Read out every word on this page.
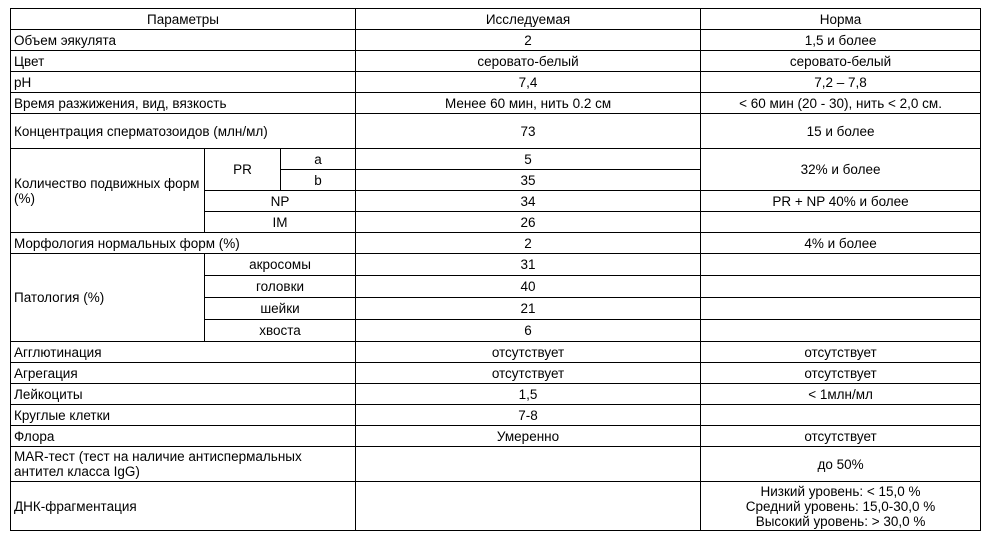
Параметры			Исследуемая	Норма
Объем эякулята			2	1,5 и более
Цвет			серовато-белый	серовато-белый
pH			7,4	7,2 – 7,8
Время разжижения, вид, вязкость			Менее 60 мин, нить 0.2 см	< 60 мин (20 - 30), нить < 2,0 см.
Концентрация сперматозоидов (млн/мл)			73	15 и более
Количество подвижных форм (%)	PR	a	5	32% и более
		b	35	
	NP		34	PR + NP 40% и более
	IM		26	
Морфология нормальных форм (%)			2	4% и более
Патология (%)	акросомы		31	
	головки		40	
	шейки		21	
	хвоста		6	
Агглютинация			отсутствует	отсутствует
Агрегация			отсутствует	отсутствует
Лейкоциты			1,5	< 1млн/мл
Круглые клетки			7-8	
Флора			Умеренно	отсутствует
MAR-тест (тест на наличие антиспермальных антител класса IgG)				до 50%
ДНК-фрагментация				Низкий уровень: < 15,0 %
Средний уровень: 15,0-30,0 %
Высокий уровень: > 30,0 %
